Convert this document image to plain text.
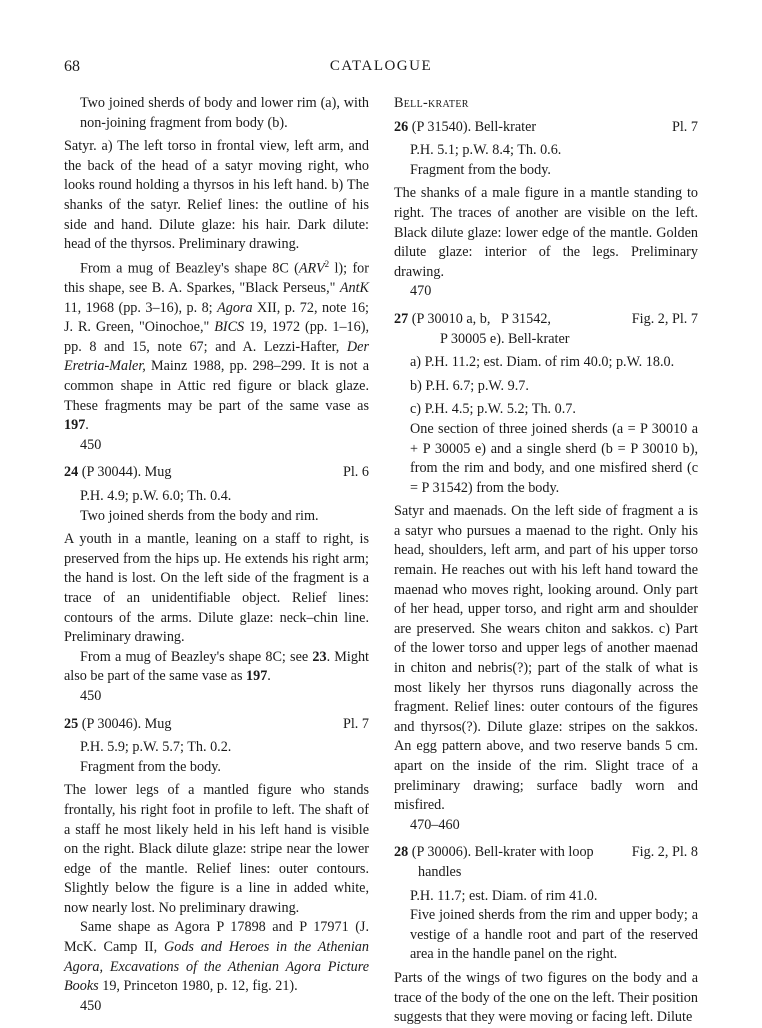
68	CATALOGUE

Two joined sherds of body and lower rim (a), with non-joining fragment from body (b).

Satyr. a) The left torso in frontal view, left arm, and the back of the head of a satyr moving right, who looks round holding a thyrsos in his left hand. b) The shanks of the satyr. Relief lines: the outline of his side and hand. Dilute glaze: his hair. Dark dilute: head of the thyrsos. Preliminary drawing.

From a mug of Beazley's shape 8C (ARV$^2$ l); for this shape, see B. A. Sparkes, "Black Perseus," AntK 11, 1968 (pp. 3–16), p. 8; Agora XII, p. 72, note 16; J. R. Green, "Oinochoe," BICS 19, 1972 (pp. 1–16), pp. 8 and 15, note 67; and A. Lezzi-Hafter, Der Eretria-Maler, Mainz 1988, pp. 298–299. It is not a common shape in Attic red figure or black glaze. These fragments may be part of the same vase as 197.

450

24 (P 30044). Mug	Pl. 6

P.H. 4.9; p.W. 6.0; Th. 0.4.

Two joined sherds from the body and rim.

A youth in a mantle, leaning on a staff to right, is preserved from the hips up. He extends his right arm; the hand is lost. On the left side of the fragment is a trace of an unidentifiable object. Relief lines: contours of the arms. Dilute glaze: neck–chin line. Preliminary drawing.

From a mug of Beazley's shape 8C; see 23. Might also be part of the same vase as 197.

450

25 (P 30046). Mug	Pl. 7

P.H. 5.9; p.W. 5.7; Th. 0.2.

Fragment from the body.

The lower legs of a mantled figure who stands frontally, his right foot in profile to left. The shaft of a staff he most likely held in his left hand is visible on the right. Black dilute glaze: stripe near the lower edge of the mantle. Relief lines: outer contours. Slightly below the figure is a line in added white, now nearly lost. No preliminary drawing.

Same shape as Agora P 17898 and P 17971 (J. McK. Camp II, Gods and Heroes in the Athenian Agora, Excavations of the Athenian Agora Picture Books 19, Princeton 1980, p. 12, fig. 21).

450

Bell-krater

26 (P 31540). Bell-krater	Pl. 7

P.H. 5.1; p.W. 8.4; Th. 0.6.

Fragment from the body.

The shanks of a male figure in a mantle standing to right. The traces of another are visible on the left. Black dilute glaze: lower edge of the mantle. Golden dilute glaze: interior of the legs. Preliminary drawing.

470

27 (P 30010 a, b,   P 31542,	Fig. 2, Pl. 7

P 30005 e). Bell-krater

a) P.H. 11.2; est. Diam. of rim 40.0; p.W. 18.0.

b) P.H. 6.7; p.W. 9.7.

c) P.H. 4.5; p.W. 5.2; Th. 0.7.

One section of three joined sherds (a = P 30010 a + P 30005 e) and a single sherd (b = P 30010 b), from the rim and body, and one misfired sherd (c = P 31542) from the body.

Satyr and maenads. On the left side of fragment a is a satyr who pursues a maenad to the right. Only his head, shoulders, left arm, and part of his upper torso remain. He reaches out with his left hand toward the maenad who moves right, looking around. Only part of her head, upper torso, and right arm and shoulder are preserved. She wears chiton and sakkos. c) Part of the lower torso and upper legs of another maenad in chiton and nebris(?); part of the stalk of what is most likely her thyrsos runs diagonally across the fragment. Relief lines: outer contours of the figures and thyrsos(?). Dilute glaze: stripes on the sakkos. An egg pattern above, and two reserve bands 5 cm. apart on the inside of the rim. Slight trace of a preliminary drawing; surface badly worn and misfired.

470–460

28 (P 30006). Bell-krater with loop	Fig. 2, Pl. 8

handles

P.H. 11.7; est. Diam. of rim 41.0.

Five joined sherds from the rim and upper body; a vestige of a handle root and part of the reserved area in the handle panel on the right.

Parts of the wings of two figures on the body and a trace of the body of the one on the left. Their position suggests that they were moving or facing left. Dilute
